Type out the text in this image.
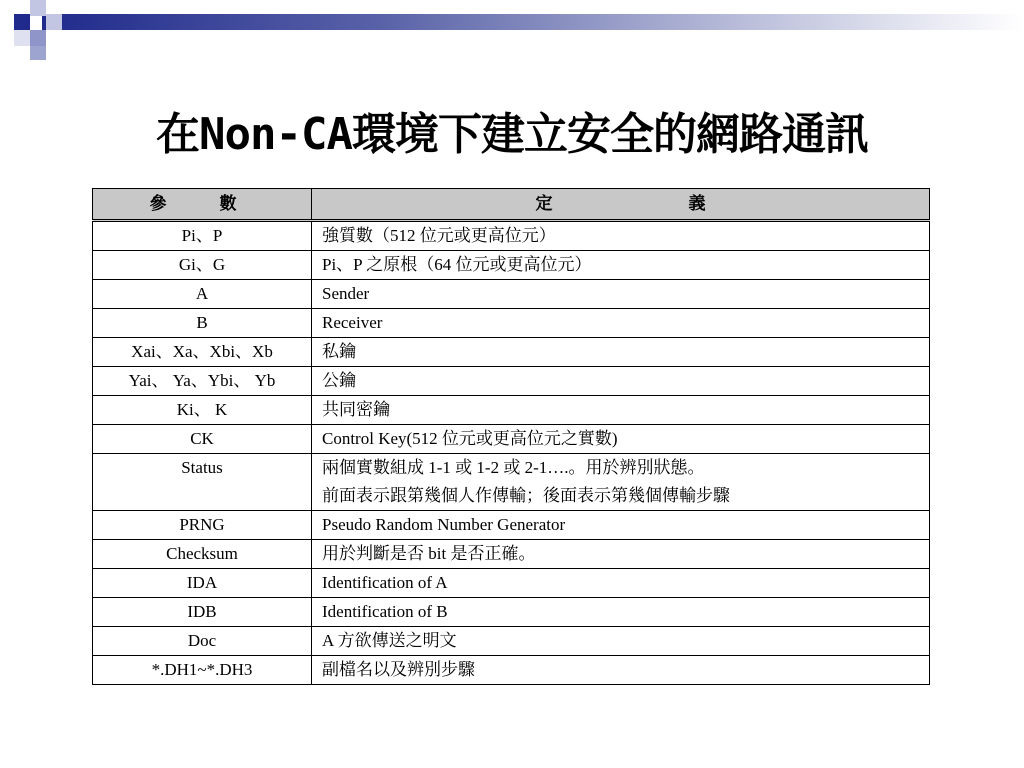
在Non-CA環境下建立安全的網路通訊
參　數	定　　　　　　　　義
Pi、P	強質數（512 位元或更高位元）

Gi、G	Pi、P 之原根（64 位元或更高位元）

A	Sender

B	Receiver

Xai、Xa、Xbi、Xb	私鑰

Yai、 Ya、Ybi、 Yb	公鑰

Ki、 K	共同密鑰

CK	Control Key(512 位元或更高位元之實數)

Status	兩個實數組成 1-1 或 1-2 或 2-1….。用於辨別狀態。
前面表示跟第幾個人作傳輸；後面表示第幾個傳輸步驟

PRNG	Pseudo Random Number Generator

Checksum	用於判斷是否 bit 是否正確。

IDA	Identification of A

IDB	Identification of B

Doc	A 方欲傳送之明文

*.DH1~*.DH3	副檔名以及辨別步驟
